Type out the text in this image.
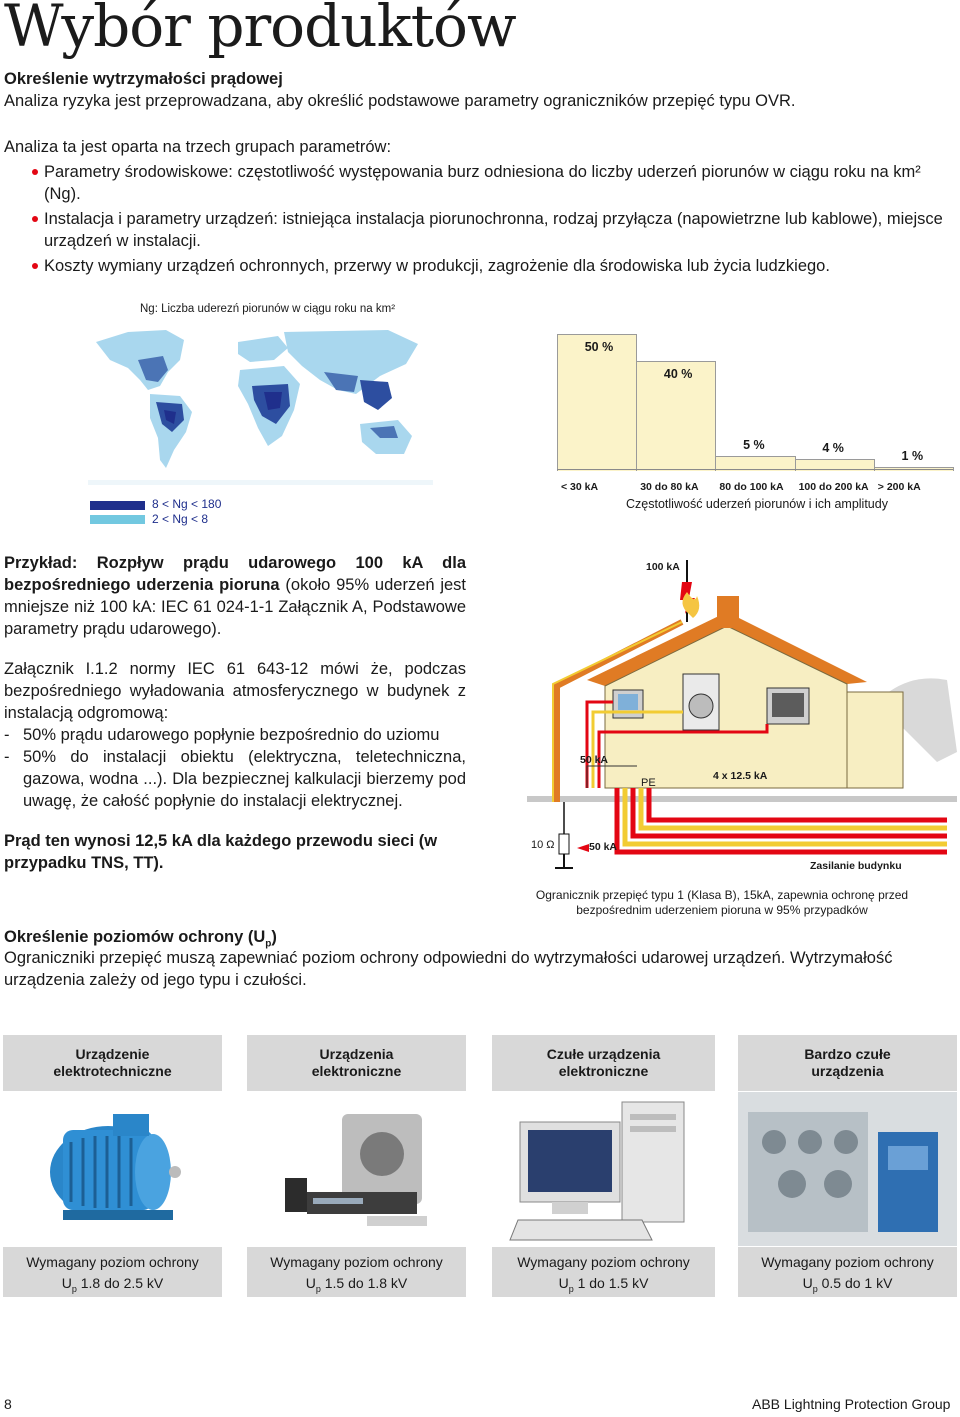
Wybór produktów
Określenie wytrzymałości prądowej
Analiza ryzyka jest przeprowadzana, aby określić podstawowe parametry ograniczników przepięć typu OVR.
Analiza ta jest oparta na trzech grupach parametrów:
Parametry środowiskowe: częstotliwość występowania burz odniesiona do liczby uderzeń piorunów w ciągu roku na km² (Ng).
Instalacja i parametry urządzeń: istniejąca instalacja piorunochronna, rodzaj przyłącza (napowietrzne lub kablowe), miejsce urządzeń w instalacji.
Koszty wymiany urządzeń ochronnych, przerwy w produkcji, zagrożenie dla środowiska lub życia ludzkiego.
Ng: Liczba uderezń piorunów w ciągu roku na km²
8 < Ng < 180
2 < Ng < 8
50 %
40 %
5 %	4 %
1 %
< 30 kA	30 do 80 kA 80 do 100 kA 100 do 200 kA > 200 kA
Częstotliwość uderzeń piorunów i ich amplitudy
Przykład: Rozpływ prądu udarowego 100 kA dla bezpośredniego uderzenia pioruna (około 95% uderzeń jest mniejsze niż 100 kA: IEC 61 024-1-1 Załącznik A, Podstawowe parametry prądu udarowego).
Załącznik I.1.2 normy IEC 61 643-12 mówi że, podczas bezpośredniego wyładowania atmosferycznego w budynek z instalacją odgromową:
- 50% prądu udarowego popłynie bezpośrednio do uziomu
- 50% do instalacji obiektu (elektryczna, teletechniczna, gazowa, wodna ...). Dla bezpiecznej kalkulacji bierzemy pod uwagę, że całość popłynie do instalacji elektrycznej.
Prąd ten wynosi 12,5 kA dla każdego przewodu sieci (w przypadku TNS, TT).
100 kA
50 kA
PE
4 x 12.5 kA
10 Ω	50 kA
Zasilanie budynku
Ogranicznik przepięć typu 1 (Klasa B), 15kA, zapewnia ochronę przed bezpośrednim uderzeniem pioruna w 95% przypadków
Określenie poziomów ochrony $(U_p)$
Ograniczniki przepięć muszą zapewniać poziom ochrony odpowiedni do wytrzymałości udarowej urządzeń. Wytrzymałość urządzenia zależy od jego typu i czułości.
Urządzenie elektrotechniczne
Urządzenia elektroniczne
Czułe urządzenia elektroniczne
Bardzo czułe urządzenia
Wymagany poziom ochrony
$U_p$ 1.8 do 2.5 kV
Wymagany poziom ochrony
$U_p$ 1.5 do 1.8 kV
Wymagany poziom ochrony
$U_p$ 1 do 1.5 kV
Wymagany poziom ochrony
$U_p$ 0.5 do 1 kV
8	ABB Lightning Protection Group
